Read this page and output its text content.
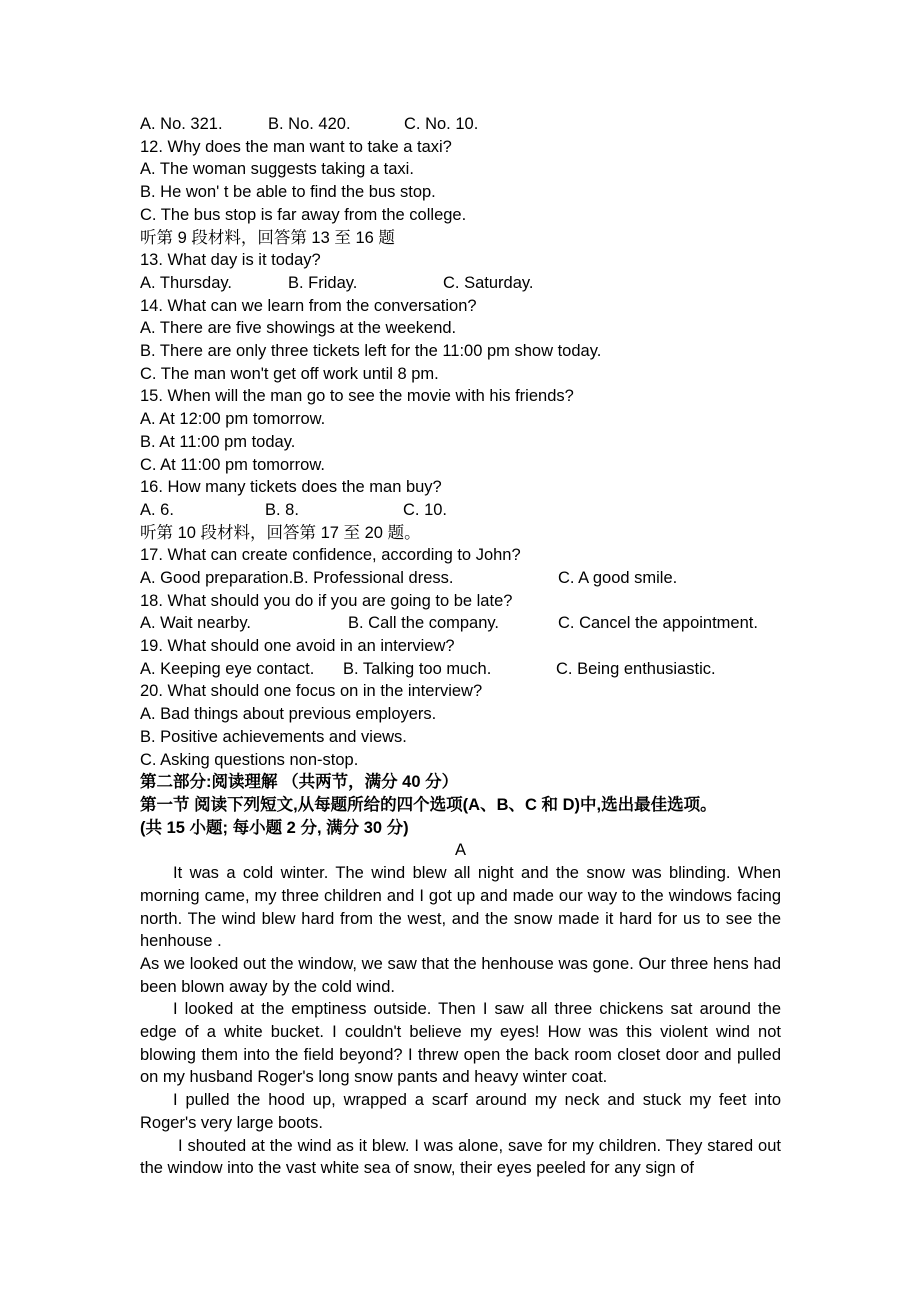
A. No. 321.	B. No. 420.	C. No. 10.
12. Why does the man want to take a taxi?
A. The woman suggests taking a taxi.
B. He won' t be able to find the bus stop.
C. The bus stop is far away from the college.
听第 9 段材料，回答第 13 至 16 题
13. What day is it today?
A. Thursday.	B. Friday.	C. Saturday.
14. What can we learn from the conversation?
A. There are five showings at the weekend.
B. There are only three tickets left for the 11:00 pm show today.
C. The man won't get off work until 8 pm.
15. When will the man go to see the movie with his friends?
A. At 12:00 pm tomorrow.
B. At 11:00 pm today.
C. At 11:00 pm tomorrow.
16. How many tickets does the man buy?
A. 6.	B. 8.	C. 10.
听第 10 段材料，回答第 17 至 20 题。
17. What can create confidence, according to John?
A. Good preparation. B. Professional dress.	C. A good smile.
18. What should you do if you are going to be late?
A. Wait nearby.	B. Call the company.	C. Cancel the appointment.
19. What should one avoid in an interview?
A. Keeping eye contact. B. Talking too much.	C. Being enthusiastic.
20. What should one focus on in the interview?
A. Bad things about previous employers.
B. Positive achievements and views.
C. Asking questions non-stop.
第二部分:阅读理解 （共两节，满分 40 分）
第一节 阅读下列短文,从每题所给的四个选项(A、B、C 和 D)中,选出最佳选项。
(共 15 小题; 每小题 2 分, 满分 30 分)
A
It was a cold winter. The wind blew all night and the snow was blinding. When morning came, my three children and I got up and made our way to the windows facing north. The wind blew hard from the west, and the snow made it hard for us to see the henhouse .
As we looked out the window, we saw that the henhouse was gone. Our three hens had been blown away by the cold wind.
I looked at the emptiness outside. Then I saw all three chickens sat around the edge of a white bucket. I couldn't believe my eyes! How was this violent wind not blowing them into the field beyond? I threw open the back room closet door and pulled on my husband Roger's long snow pants and heavy winter coat.
I pulled the hood up, wrapped a scarf around my neck and stuck my feet into Roger's very large boots.
I shouted at the wind as it blew. I was alone, save for my children. They stared out the window into the vast white sea of snow, their eyes peeled for any sign of
